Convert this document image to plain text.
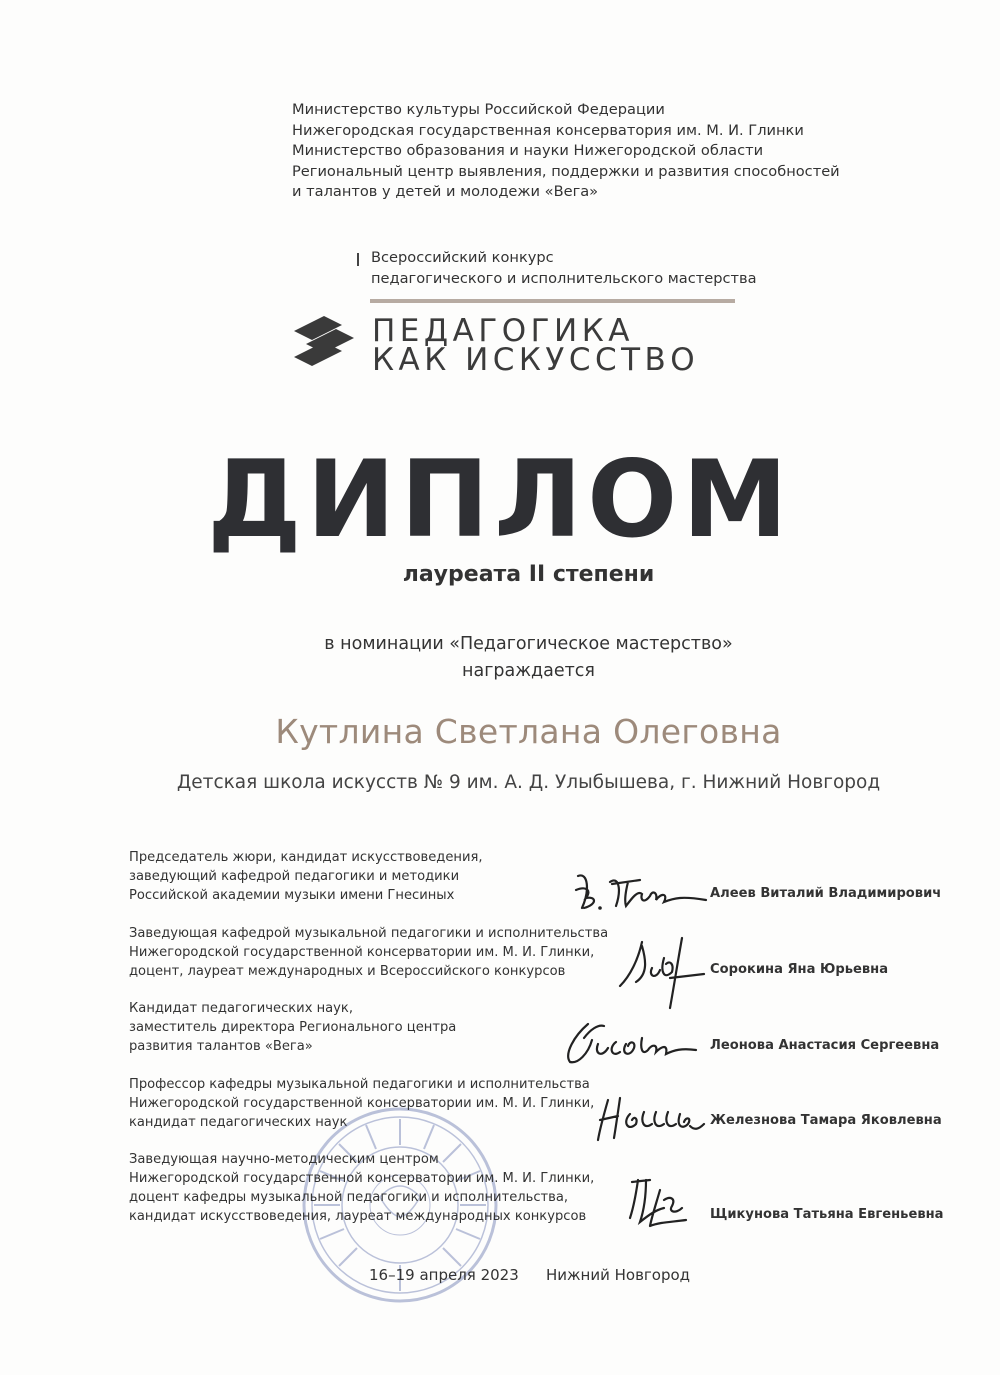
Министерство культуры Российской Федерации
Нижегородская государственная консерватория им. М. И. Глинки
Министерство образования и науки Нижегородской области
Региональный центр выявления, поддержки и развития способностей
и талантов у детей и молодежи «Вега»
Всероссийский конкурс
педагогического и исполнительского мастерства
ПЕДАГОГИКА
КАК ИСКУССТВО
ДИПЛОМ
лауреата II степени
в номинации «Педагогическое мастерство»
награждается
Кутлина Светлана Олеговна
Детская школа искусств № 9 им. А. Д. Улыбышева, г. Нижний Новгород
Председатель жюри, кандидат искусствоведения,
заведующий кафедрой педагогики и методики
Российской академии музыки имени Гнесиных	Алеев Виталий Владимирович
Заведующая кафедрой музыкальной педагогики и исполнительства
Нижегородской государственной консерватории им. М. И. Глинки,
доцент, лауреат международных и Всероссийского конкурсов	Сорокина Яна Юрьевна
Кандидат педагогических наук,
заместитель директора Регионального центра
развития талантов «Вега»	Леонова Анастасия Сергеевна
Профессор кафедры музыкальной педагогики и исполнительства
Нижегородской государственной консерватории им. М. И. Глинки,
кандидат педагогических наук	Железнова Тамара Яковлевна
Заведующая научно-методическим центром
Нижегородской государственной консерватории им. М. И. Глинки,
доцент кафедры музыкальной педагогики и исполнительства,
кандидат искусствоведения, лауреат международных конкурсов	Щикунова Татьяна Евгеньевна
16–19 апреля 2023 Нижний Новгород
